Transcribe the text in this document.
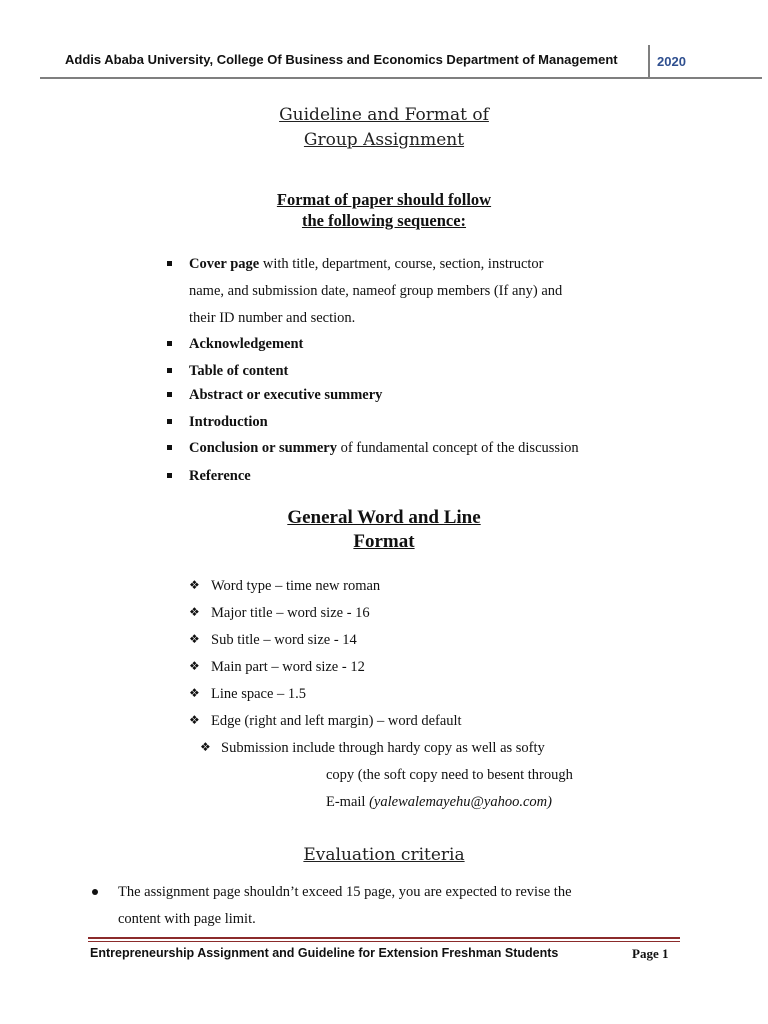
Addis Ababa University, College Of Business and Economics Department of Management	2020
Guideline and Format of
Group Assignment
Format of paper should follow
the following sequence:
Cover page with title, department, course, section, instructor
name, and submission date, nameof group members (If any) and
their ID number and section.
Acknowledgement
Table of content
Abstract or executive summery
Introduction
Conclusion or summery of fundamental concept of the discussion
Reference
General Word and Line
Format
❖ Word type – time new roman
❖ Major title – word size - 16
❖ Sub title – word size - 14
❖ Main part – word size - 12
❖ Line space – 1.5
❖ Edge (right and left margin) – word default
❖ Submission include through hardy copy as well as softy
copy (the soft copy need to besent through
E-mail (yalewalemayehu@yahoo.com)
Evaluation criteria
The assignment page shouldn’t exceed 15 page, you are expected to revise the
content with page limit.
Entrepreneurship Assignment and Guideline for Extension Freshman Students	Page 1
